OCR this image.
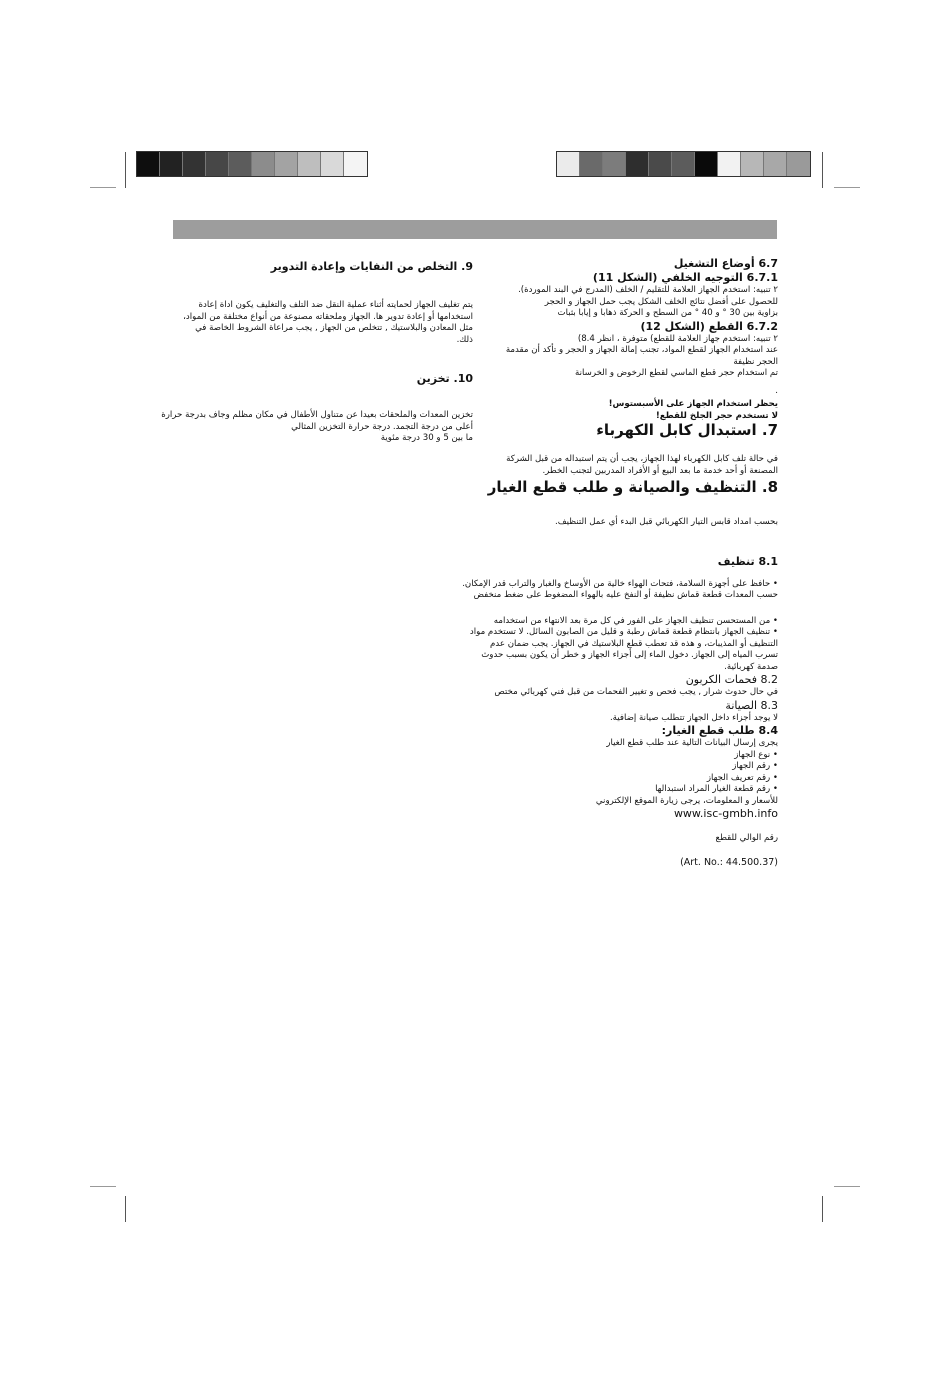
6.7 أوضاع التشغيل

6.7.1 التوجيه الخلفي (الشكل 11)

٢ تنبيه: استخدم الجهاز العلامة للتقليم / الخلف (المدرج في البند الموردة).

للحصول على أفضل نتائج الخلف الشكل يجب حمل الجهاز و الحجر

بزاوية بين 30 ° و 40 ° من السطح و الحركة ذهابا و إيابا بثبات

6.7.2 القطع (الشكل 12)

٢ تنبيه: استخدم جهاز العلامة للقطع) متوفرة ، انظر 8.4)

عند استخدام الجهاز لقطع المواد، تجنب إمالة الجهاز و الحجر و تأكد أن مقدمة

الحجر نظيفة

تم استخدام حجر قطع الماسي لقطع الرخوض و الخرسانة

.

يحظر استخدام الجهاز على الأسبستوس!

لا تستخدم حجر الجلخ للقطع!

9. التخلص من النفايات وإعادة التدوير

يتم تغليف الجهاز لحمايته أثناء عملية النقل ضد التلف والتغليف يكون اداة إعادة

استخدامها أو إعادة تدوير ها. الجهاز وملحقاته مصنوعة من أنواع مختلفة من المواد،

مثل المعادن والبلاستيك , تتخلص من الجهاز , يجب مراعاة الشروط الخاصة في

ذلك.

10. تخزين

تخزين المعدات والملحقات بعيدا عن متناول الأطفال في مكان مظلم وجاف بدرجة حرارة

أعلى من درجة التجمد. درجة حرارة التخزين المثالي

ما بين 5 و 30 درجة مئوية	7. استبدال كابل الكهرباء

في حالة تلف كابل الكهرباء لهذا الجهاز، يجب أن يتم استبداله من قبل الشركة

المصنعة أو أحد خدمة ما بعد البيع أو الأفراد المدربين لتجنب الخطر.

8. التنظيف والصيانة و طلب قطع الغيار

بحسب امداد قابس التيار الكهربائي قبل البدء أي عمل التنظيف.

8.1 تنظيف

• حافظ على أجهزة السلامة، فتحات الهواء خالية من الأوساخ والغبار والتراب قدر الإمكان.

حسب المعدات قطعة قماش نظيفة أو النفخ عليه بالهواء المضغوط على ضغط منخفض

• من المستحسن تنظيف الجهاز على الفور في كل مرة بعد الانتهاء من استخدامه

• تنظيف الجهاز بانتظام قطعة قماش رطبة و قليل من الصابون السائل. لا تستخدم مواد

التنظيف أو المذيبات، و هذه قد تعطب قطع البلاستيك في الجهاز. يجب ضمان عدم

تسرب المياه إلى الجهاز. دخول الماء إلى أجزاء الجهاز و خطر أن يكون بسبب حدوث

صدمة كهربائية.

8.2 فحمات الكربون

في حال حدوث شرار , يجب فحص و تغيير الفحمات من قبل فني كهربائي مختص

8.3 الصيانة

لا يوجد أجزاء داخل الجهاز تتطلب صيانة إضافية.

8.4 طلب قطع الغيار:

يجرى إرسال البيانات التالية عند طلب قطع الغيار

• نوع الجهاز

• رقم الجهاز

• رقم تعريف الجهاز

• رقم قطعة الغيار المراد استبدالها

للأسعار و المعلومات، يرجى زيارة الموقع الإلكتروني

www.isc-gmbh.info

رقم الوالي للقطع

(Art. No.: 44.500.37)
